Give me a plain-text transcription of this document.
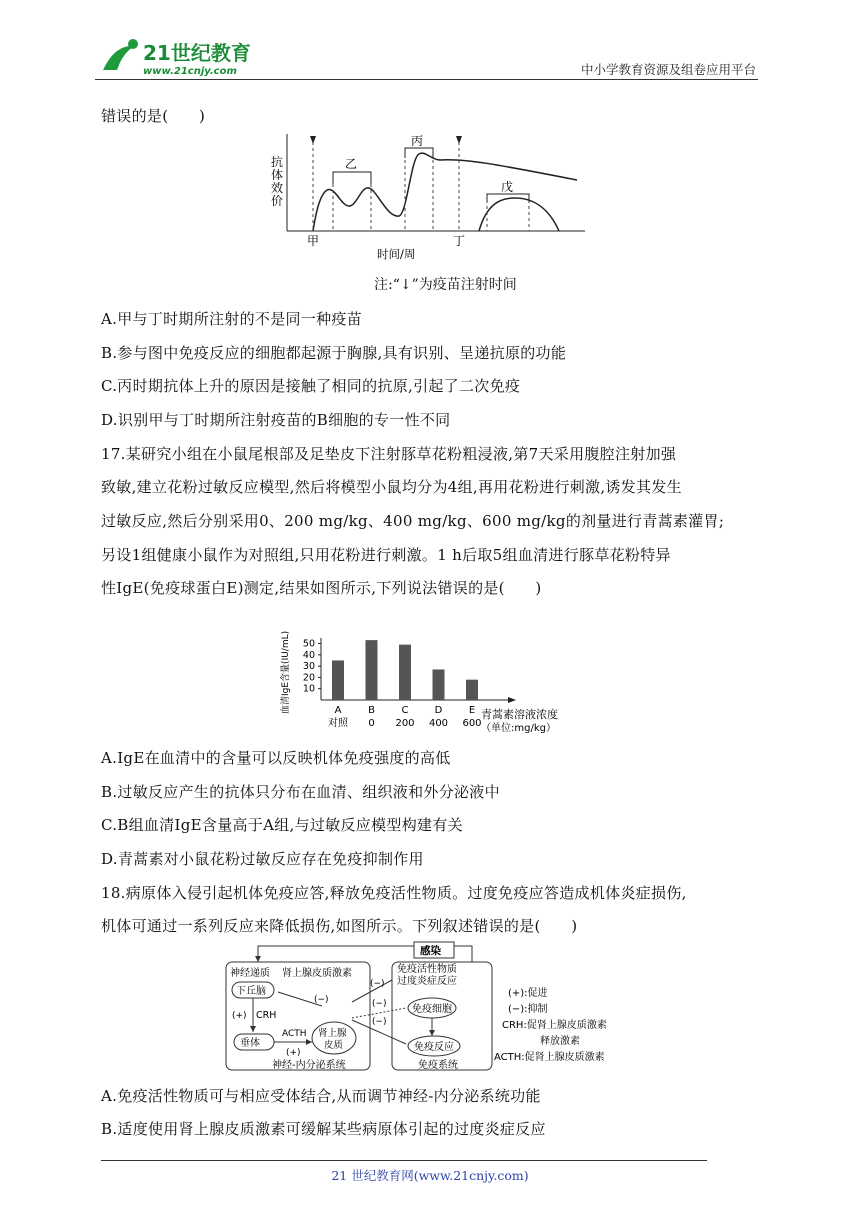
21世纪教育
www.21cnjy.com	中小学教育资源及组卷应用平台
错误的是(　　)
抗
体
效
价
乙
丙
戊
甲	丁
时间/周
注:“↓”为疫苗注射时间
A.甲与丁时期所注射的不是同一种疫苗
B.参与图中免疫反应的细胞都起源于胸腺,具有识别、呈递抗原的功能
C.丙时期抗体上升的原因是接触了相同的抗原,引起了二次免疫
D.识别甲与丁时期所注射疫苗的B细胞的专一性不同
17.某研究小组在小鼠尾根部及足垫皮下注射豚草花粉粗浸液,第7天采用腹腔注射加强
致敏,建立花粉过敏反应模型,然后将模型小鼠均分为4组,再用花粉进行刺激,诱发其发生
过敏反应,然后分别采用0、200 mg/kg、400 mg/kg、600 mg/kg的剂量进行青蒿素灌胃;
另设1组健康小鼠作为对照组,只用花粉进行刺激。1 h后取5组血清进行豚草花粉特异
性IgE(免疫球蛋白E)测定,结果如图所示,下列说法错误的是(　　)
血清IgE含量(IU/mL) 10
20
30
40
50
A
对照
B
0
C
200
D
400
E
600
青蒿素溶液浓度
（单位:mg/kg）
A.IgE在血清中的含量可以反映机体免疫强度的高低
B.过敏反应产生的抗体只分布在血清、组织液和外分泌液中
C.B组血清IgE含量高于A组,与过敏反应模型构建有关
D.青蒿素对小鼠花粉过敏反应存在免疫抑制作用
18.病原体入侵引起机体免疫应答,释放免疫活性物质。过度免疫应答造成机体炎症损伤,
机体可通过一系列反应来降低损伤,如图所示。下列叙述错误的是(　　)
感染
神经递质 肾上腺皮质激素
下丘脑
(+) CRH
垂体
ACTH
(+)
肾上腺
皮质
神经-内分泌系统
(−)
免疫活性物质
过度炎症反应
免疫细胞
免疫反应
免疫系统
(−)
(−)
(−)
(+):促进
(−):抑制
CRH:促肾上腺皮质激素
释放激素
ACTH:促肾上腺皮质激素
A.免疫活性物质可与相应受体结合,从而调节神经-内分泌系统功能
B.适度使用肾上腺皮质激素可缓解某些病原体引起的过度炎症反应
21 世纪教育网(www.21cnjy.com)
